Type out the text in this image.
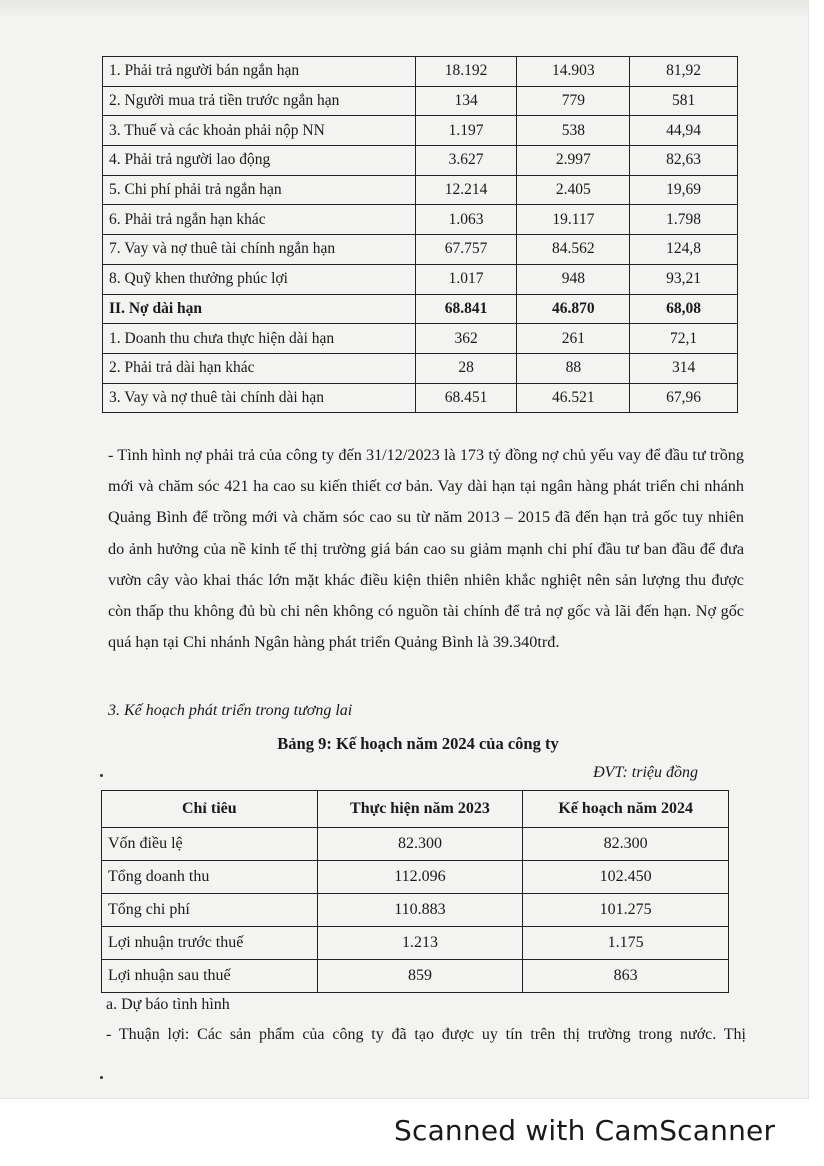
1. Phải trả người bán ngắn hạn	18.192	14.903	81,92
2. Người mua trả tiền trước ngắn hạn	134	779	581
3. Thuế và các khoản phải nộp NN	1.197	538	44,94
4. Phải trả người lao động	3.627	2.997	82,63
5. Chi phí phải trả ngắn hạn	12.214	2.405	19,69
6. Phải trả ngắn hạn khác	1.063	19.117	1.798
7. Vay và nợ thuê tài chính ngắn hạn	67.757	84.562	124,8
8. Quỹ khen thưởng phúc lợi	1.017	948	93,21
II. Nợ dài hạn	68.841	46.870	68,08
1. Doanh thu chưa thực hiện dài hạn	362	261	72,1
2. Phải trả dài hạn khác	28	88	314
3. Vay và nợ thuê tài chính dài hạn	68.451	46.521	67,96
- Tình hình nợ phải trả của công ty đến 31/12/2023 là 173 tỷ đồng nợ chủ yếu vay để đầu tư trồng mới và chăm sóc 421 ha cao su kiến thiết cơ bản. Vay dài hạn tại ngân hàng phát triển chi nhánh Quảng Bình để trồng mới và chăm sóc cao su từ năm 2013 – 2015 đã đến hạn trả gốc tuy nhiên do ảnh hưởng của nề kinh tế thị trường giá bán cao su giảm mạnh chi phí đầu tư ban đầu để đưa vườn cây vào khai thác lớn mặt khác điều kiện thiên nhiên khắc nghiệt nên sản lượng thu được còn thấp thu không đủ bù chi nên không có nguồn tài chính để trả nợ gốc và lãi đến hạn. Nợ gốc quá hạn tại Chi nhánh Ngân hàng phát triển Quảng Bình là 39.340trđ.
3. Kế hoạch phát triển trong tương lai
Bảng 9: Kế hoạch năm 2024 của công ty
ĐVT: triệu đồng
Chỉ tiêu	Thực hiện năm 2023	Kế hoạch năm 2024
Vốn điều lệ	82.300	82.300
Tổng doanh thu	112.096	102.450
Tổng chi phí	110.883	101.275
Lợi nhuận trước thuế	1.213	1.175
Lợi nhuận sau thuế	859	863
a. Dự báo tình hình
- Thuận lợi: Các sản phẩm của công ty đã tạo được uy tín trên thị trường trong nước. Thị
Scanned with CamScanner
